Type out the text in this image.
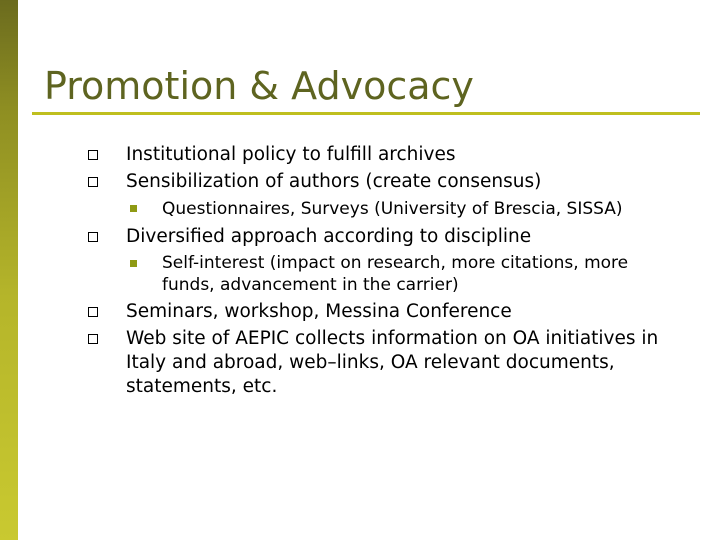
Promotion & Advocacy
Institutional policy to fulfill archives
Sensibilization of authors (create consensus)
Questionnaires, Surveys (University of Brescia, SISSA)
Diversified approach according to discipline
Self-interest (impact on research, more citations, more
funds, advancement in the carrier)
Seminars, workshop, Messina Conference
Web site of AEPIC collects information on OA initiatives in
Italy and abroad, web–links, OA relevant documents,
statements, etc.
